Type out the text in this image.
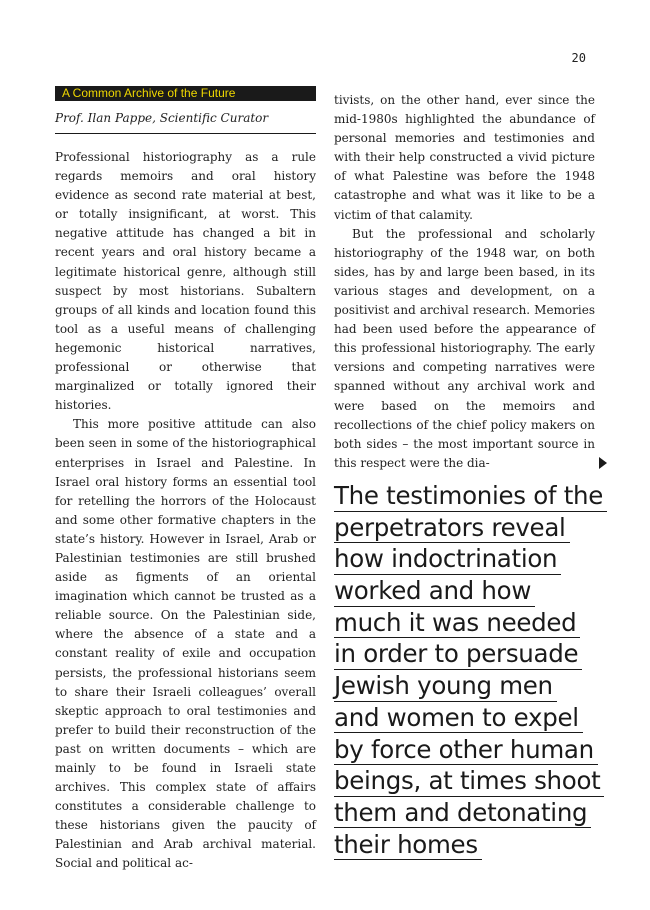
20
A Common Archive of the Future
Prof. Ilan Pappe, Scientific Curator

Professional historiography as a rule regards memoirs and oral history evidence as second rate material at best, or totally insignificant, at worst. This negative attitude has changed a bit in recent years and oral history became a legitimate historical genre, although still suspect by most historians. Subaltern groups of all kinds and location found this tool as a useful means of challenging hegemonic historical narratives, professional or otherwise that marginalized or totally ignored their histories.

This more positive attitude can also been seen in some of the historiographical enterprises in Israel and Palestine. In Israel oral history forms an essential tool for retelling the horrors of the Holocaust and some other formative chapters in the state’s history. However in Israel, Arab or Palestinian testimonies are still brushed aside as figments of an oriental imagination which cannot be trusted as a reliable source. On the Palestinian side, where the absence of a state and a constant reality of exile and occupation persists, the professional historians seem to share their Israeli colleagues’ overall skeptic approach to oral testimonies and prefer to build their reconstruction of the past on written documents – which are mainly to be found in Israeli state archives. This complex state of affairs constitutes a considerable challenge to these historians given the paucity of Palestinian and Arab archival material. Social and political ac-

tivists, on the other hand, ever since the mid-1980s highlighted the abundance of personal memories and testimonies and with their help constructed a vivid picture of what Palestine was before the 1948 catastrophe and what was it like to be a victim of that calamity.

But the professional and scholarly historiography of the 1948 war, on both sides, has by and large been based, in its various stages and development, on a positivist and archival research. Memories had been used before the appearance of this professional historiography. The early versions and competing narratives were spanned without any archival work and were based on the memoirs and recollections of the chief policy makers on both sides – the most important source in this respect were the dia-

The testimonies of the
perpetrators reveal
how indoctrination
worked and how
much it was needed
in order to persuade
Jewish young men
and women to expel
by force other human
beings, at times shoot
them and detonating
their homes
